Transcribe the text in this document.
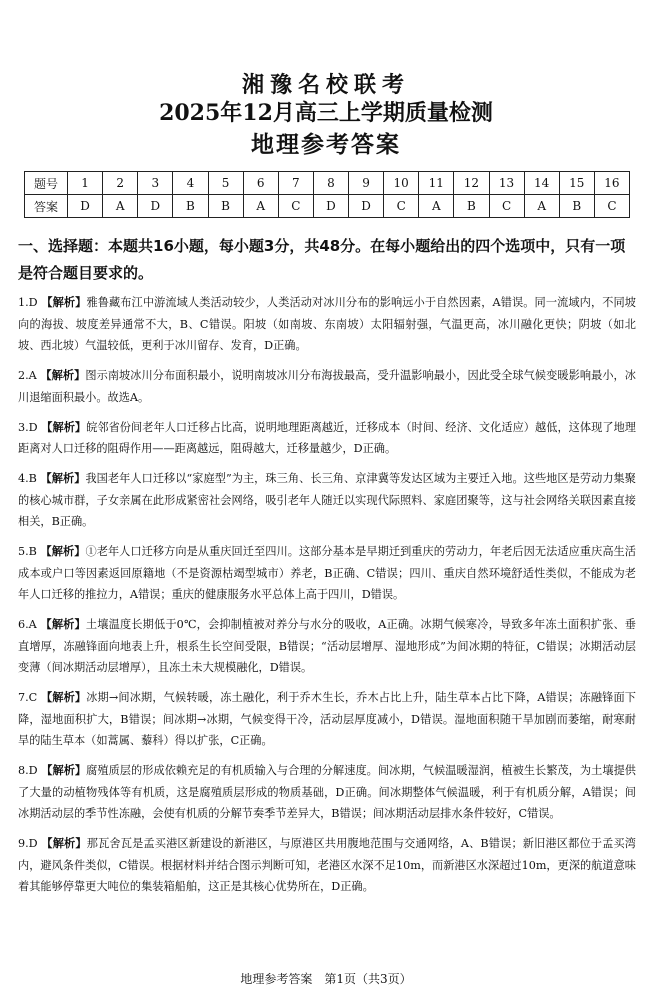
湘豫名校联考
2025年12月高三上学期质量检测
地理参考答案
题号	1	2	3	4	5	6	7	8	9	10	11	12	13	14	15	16
答案	D	A	D	B	B	A	C	D	D	C	A	B	C	A	B	C
一、选择题：本题共16小题，每小题3分，共48分。在每小题给出的四个选项中，只有一项是符合题目要求的。
1.D 【解析】雅鲁藏布江中游流域人类活动较少，人类活动对冰川分布的影响远小于自然因素，A错误。同一流域内，不同坡向的海拔、坡度差异通常不大，B、C错误。阳坡（如南坡、东南坡）太阳辐射强，气温更高，冰川融化更快；阴坡（如北坡、西北坡）气温较低，更利于冰川留存、发育，D正确。
2.A 【解析】图示南坡冰川分布面积最小，说明南坡冰川分布海拔最高，受升温影响最小，因此受全球气候变暖影响最小，冰川退缩面积最小。故选A。
3.D 【解析】皖邻省份间老年人口迁移占比高，说明地理距离越近，迁移成本（时间、经济、文化适应）越低，这体现了地理距离对人口迁移的阻碍作用——距离越远，阻碍越大，迁移量越少，D正确。
4.B 【解析】我国老年人口迁移以“家庭型”为主，珠三角、长三角、京津冀等发达区域为主要迁入地。这些地区是劳动力集聚的核心城市群，子女亲属在此形成紧密社会网络，吸引老年人随迁以实现代际照料、家庭团聚等，这与社会网络关联因素直接相关，B正确。
5.B 【解析】①老年人口迁移方向是从重庆回迁至四川。这部分基本是早期迁到重庆的劳动力，年老后因无法适应重庆高生活成本或户口等因素返回原籍地（不是资源枯竭型城市）养老，B正确、C错误；四川、重庆自然环境舒适性类似，不能成为老年人口迁移的推拉力，A错误；重庆的健康服务水平总体上高于四川，D错误。
6.A 【解析】土壤温度长期低于0℃，会抑制植被对养分与水分的吸收，A正确。冰期气候寒冷，导致多年冻土面积扩张、垂直增厚，冻融锋面向地表上升，根系生长空间受限，B错误；“活动层增厚、湿地形成”为间冰期的特征，C错误；冰期活动层变薄（间冰期活动层增厚），且冻土未大规模融化，D错误。
7.C 【解析】冰期→间冰期，气候转暖，冻土融化，利于乔木生长，乔木占比上升，陆生草本占比下降，A错误；冻融锋面下降，湿地面积扩大，B错误；间冰期→冰期，气候变得干冷，活动层厚度减小，D错误。湿地面积随干旱加剧而萎缩，耐寒耐旱的陆生草本（如蒿属、藜科）得以扩张，C正确。
8.D 【解析】腐殖质层的形成依赖充足的有机质输入与合理的分解速度。间冰期，气候温暖湿润，植被生长繁茂，为土壤提供了大量的动植物残体等有机质，这是腐殖质层形成的物质基础，D正确。间冰期整体气候温暖，利于有机质分解，A错误；间冰期活动层的季节性冻融，会使有机质的分解节奏季节差异大，B错误；间冰期活动层排水条件较好，C错误。
9.D 【解析】那瓦舍瓦是孟买港区新建设的新港区，与原港区共用腹地范围与交通网络，A、B错误；新旧港区都位于孟买湾内，避风条件类似，C错误。根据材料并结合图示判断可知，老港区水深不足10m，而新港区水深超过10m，更深的航道意味着其能够停靠更大吨位的集装箱船舶，这正是其核心优势所在，D正确。
地理参考答案　第1页（共3页）
